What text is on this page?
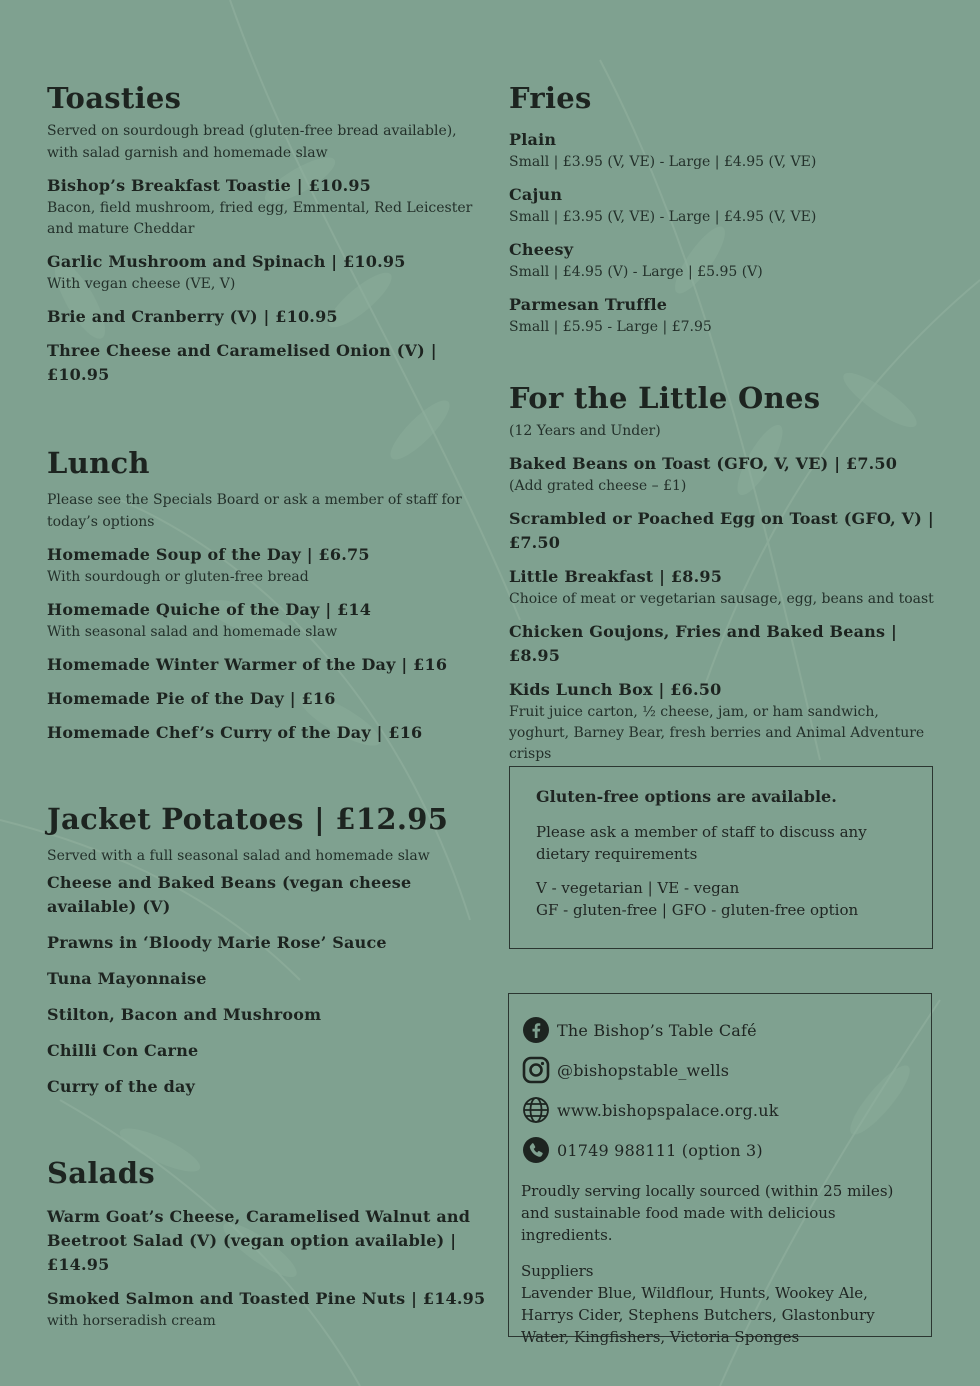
Toasties
Served on sourdough bread (gluten-free bread available), with salad garnish and homemade slaw
Bishop’s Breakfast Toastie | £10.95
Bacon, field mushroom, fried egg, Emmental, Red Leicester and mature Cheddar
Garlic Mushroom and Spinach | £10.95
With vegan cheese (VE, V)
Brie and Cranberry (V) | £10.95
Three Cheese and Caramelised Onion (V) | £10.95
Lunch
Please see the Specials Board or ask a member of staff for today’s options
Homemade Soup of the Day | £6.75
With sourdough or gluten-free bread
Homemade Quiche of the Day | £14
With seasonal salad and homemade slaw
Homemade Winter Warmer of the Day | £16
Homemade Pie of the Day | £16
Homemade Chef’s Curry of the Day | £16
Jacket Potatoes | £12.95
Served with a full seasonal salad and homemade slaw
Cheese and Baked Beans (vegan cheese available) (V)
Prawns in ‘Bloody Marie Rose’ Sauce
Tuna Mayonnaise
Stilton, Bacon and Mushroom
Chilli Con Carne
Curry of the day
Salads
Warm Goat’s Cheese, Caramelised Walnut and Beetroot Salad (V) (vegan option available) | £14.95
Smoked Salmon and Toasted Pine Nuts | £14.95
with horseradish cream
Fries
Plain
Small | £3.95 (V, VE) - Large | £4.95 (V, VE)
Cajun
Small | £3.95 (V, VE) - Large | £4.95 (V, VE)
Cheesy
Small | £4.95 (V) - Large | £5.95 (V)
Parmesan Truffle
Small | £5.95 - Large | £7.95
For the Little Ones
(12 Years and Under)
Baked Beans on Toast (GFO, V, VE) | £7.50
(Add grated cheese – £1)
Scrambled or Poached Egg on Toast (GFO, V) | £7.50
Little Breakfast | £8.95
Choice of meat or vegetarian sausage, egg, beans and toast
Chicken Goujons, Fries and Baked Beans | £8.95
Kids Lunch Box | £6.50
Fruit juice carton, ½ cheese, jam, or ham sandwich, yoghurt, Barney Bear, fresh berries and Animal Adventure crisps
Gluten-free options are available.
Please ask a member of staff to discuss any dietary requirements
V - vegetarian | VE - vegan
GF - gluten-free | GFO - gluten-free option
The Bishop’s Table Café
@bishopstable_wells
www.bishopspalace.org.uk
01749 988111 (option 3)
Proudly serving locally sourced (within 25 miles) and sustainable food made with delicious ingredients.
Suppliers
Lavender Blue, Wildflour, Hunts, Wookey Ale, Harrys Cider, Stephens Butchers, Glastonbury Water, Kingfishers, Victoria Sponges
